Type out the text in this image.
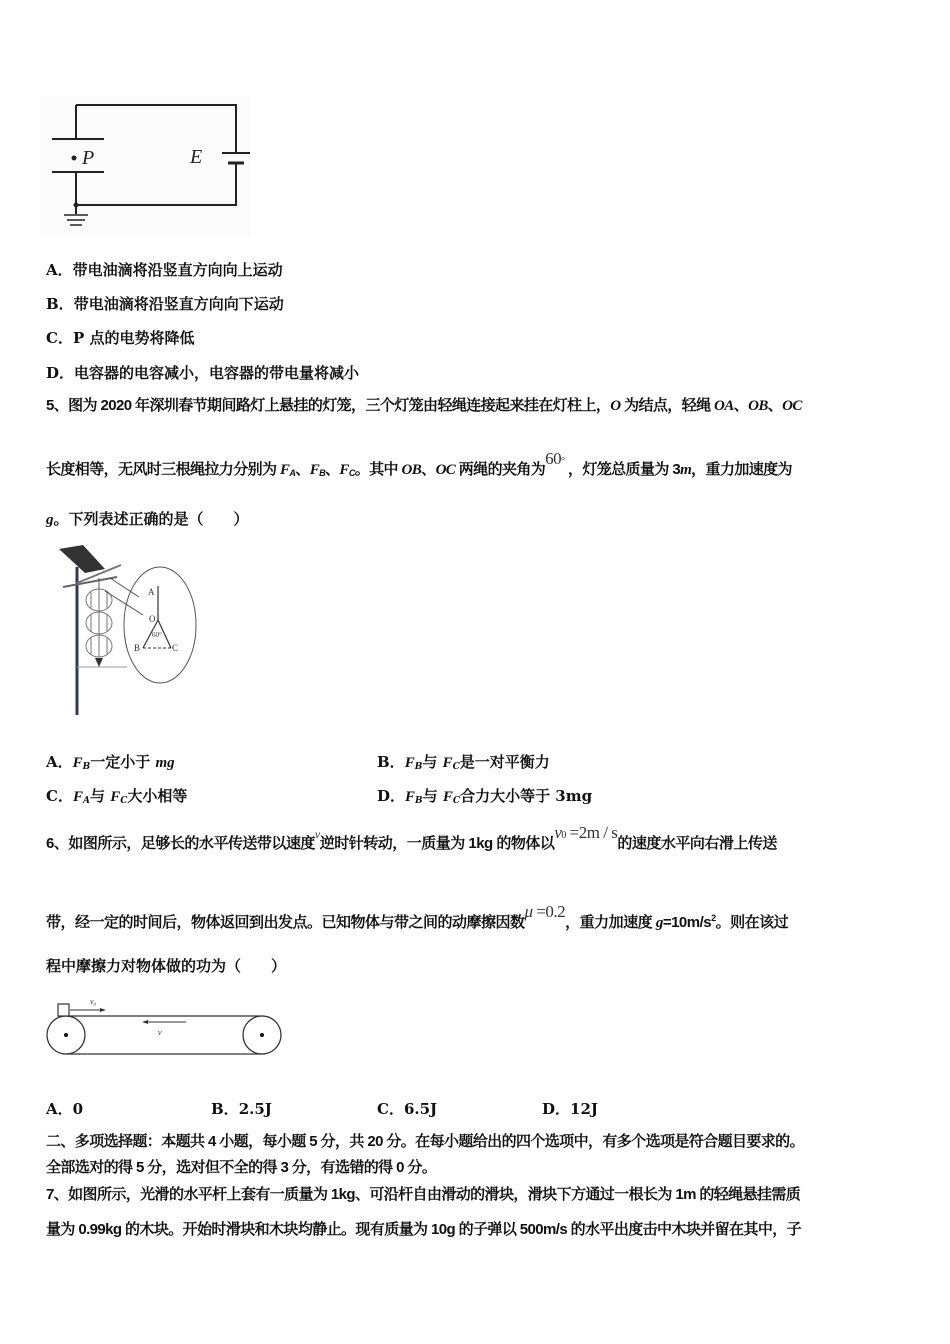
P	E
A．带电油滴将沿竖直方向向上运动
B．带电油滴将沿竖直方向向下运动
C．P 点的电势将降低
D．电容器的电容减小，电容器的带电量将减小
5、图为 2020 年深圳春节期间路灯上悬挂的灯笼，三个灯笼由轻绳连接起来挂在灯柱上，O 为结点，轻绳 OA、OB、OC
长度相等，无风时三根绳拉力分别为 $F_A$、$F_B$、$F_C$。其中 OB、OC 两绳的夹角为60° ，灯笼总质量为 3m，重力加速度为
g。下列表述正确的是（　　）
A
O
60°
B	C
A．$F_B$一定小于 mg	B．$F_B$与 $F_C$是一对平衡力
C．$F_A$与 $F_C$大小相等	D．$F_B$与 $F_C$合力大小等于 3mg
6、如图所示，足够长的水平传送带以速度$^v$逆时针转动，一质量为 1kg 的物体以v0 =2m / s的速度水平向右滑上传送
带，经一定的时间后，物体返回到出发点。已知物体与带之间的动摩擦因数μ =0.2，重力加速度 $g=10m/s^2$。则在该过
程中摩擦力对物体做的功为（　　）
v₀
v
A．0	B．2.5J	C．6.5J	D．12J
二、多项选择题：本题共 4 小题，每小题 5 分，共 20 分。在每小题给出的四个选项中，有多个选项是符合题目要求的。
全部选对的得 5 分，选对但不全的得 3 分，有选错的得 0 分。
7、如图所示，光滑的水平杆上套有一质量为 1kg、可沿杆自由滑动的滑块，滑块下方通过一根长为 1m 的轻绳悬挂需质
量为 0.99kg 的木块。开始时滑块和木块均静止。现有质量为 10g 的子弹以 500m/s 的水平出度击中木块并留在其中，子
